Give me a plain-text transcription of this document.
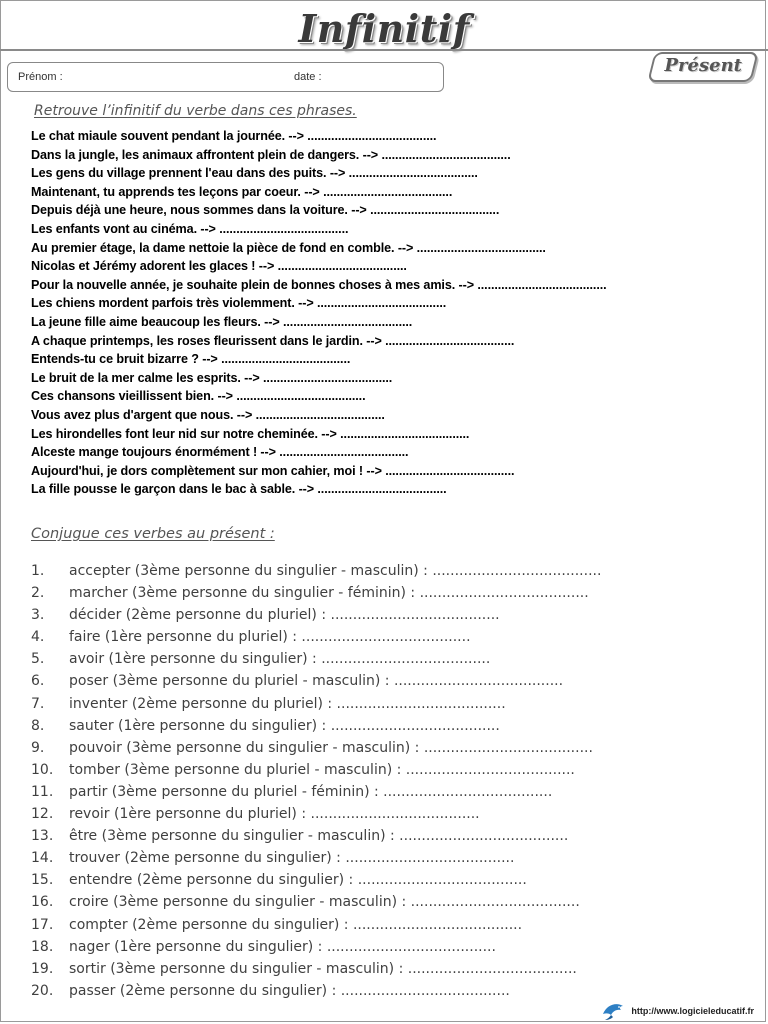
Infinitif
Prénom :	date :
Présent
Retrouve l’infinitif du verbe dans ces phrases.
Le chat miaule souvent pendant la journée. --> ......................................
Dans la jungle, les animaux affrontent plein de dangers. --> ......................................
Les gens du village prennent l'eau dans des puits. --> ......................................
Maintenant, tu apprends tes leçons par coeur. --> ......................................
Depuis déjà une heure, nous sommes dans la voiture. --> ......................................
Les enfants vont au cinéma. --> ......................................
Au premier étage, la dame nettoie la pièce de fond en comble. --> ......................................
Nicolas et Jérémy adorent les glaces ! --> ......................................
Pour la nouvelle année, je souhaite plein de bonnes choses à mes amis. --> ......................................
Les chiens mordent parfois très violemment. --> ......................................
La jeune fille aime beaucoup les fleurs. --> ......................................
A chaque printemps, les roses fleurissent dans le jardin. --> ......................................
Entends-tu ce bruit bizarre ? --> ......................................
Le bruit de la mer calme les esprits. --> ......................................
Ces chansons vieillissent bien. --> ......................................
Vous avez plus d'argent que nous. --> ......................................
Les hirondelles font leur nid sur notre cheminée. --> ......................................
Alceste mange toujours énormément ! --> ......................................
Aujourd'hui, je dors complètement sur mon cahier, moi ! --> ......................................
La fille pousse le garçon dans le bac à sable. --> ......................................
Conjugue ces verbes au présent :
1. accepter (3ème personne du singulier - masculin) : ......................................
2. marcher (3ème personne du singulier - féminin) : ......................................
3. décider (2ème personne du pluriel) : ......................................
4. faire (1ère personne du pluriel) : ......................................
5. avoir (1ère personne du singulier) : ......................................
6. poser (3ème personne du pluriel - masculin) : ......................................
7. inventer (2ème personne du pluriel) : ......................................
8. sauter (1ère personne du singulier) : ......................................
9. pouvoir (3ème personne du singulier - masculin) : ......................................
10. tomber (3ème personne du pluriel - masculin) : ......................................
11. partir (3ème personne du pluriel - féminin) : ......................................
12. revoir (1ère personne du pluriel) : ......................................
13. être (3ème personne du singulier - masculin) : ......................................
14. trouver (2ème personne du singulier) : ......................................
15. entendre (2ème personne du singulier) : ......................................
16. croire (3ème personne du singulier - masculin) : ......................................
17. compter (2ème personne du singulier) : ......................................
18. nager (1ère personne du singulier) : ......................................
19. sortir (3ème personne du singulier - masculin) : ......................................
20. passer (2ème personne du singulier) : ......................................
http://www.logicieleducatif.fr
